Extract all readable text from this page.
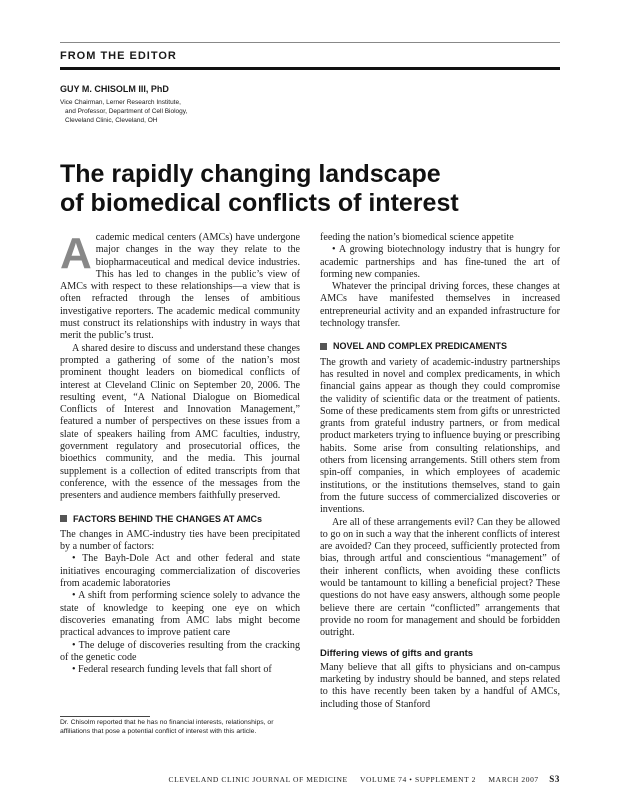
FROM THE EDITOR
GUY M. CHISOLM III, PhD
Vice Chairman, Lerner Research Institute,
and Professor, Department of Cell Biology,
Cleveland Clinic, Cleveland, OH
The rapidly changing landscape
of biomedical conflicts of interest

Academic medical centers (AMCs) have undergone major changes in the way they relate to the biopharmaceutical and medical device industries. This has led to changes in the public’s view of AMCs with respect to these relationships—a view that is often refracted through the lenses of ambitious investigative reporters. The academic medical community must construct its relationships with industry in ways that merit the public’s trust.

A shared desire to discuss and understand these changes prompted a gathering of some of the nation’s most prominent thought leaders on biomedical conflicts of interest at Cleveland Clinic on September 20, 2006. The resulting event, “A National Dialogue on Biomedical Conflicts of Interest and Innovation Management,” featured a number of perspectives on these issues from a slate of speakers hailing from AMC faculties, industry, government regulatory and prosecutorial offices, the bioethics community, and the media. This journal supplement is a collection of edited transcripts from that conference, with the essence of the messages from the presenters and audience members faithfully preserved.

FACTORS BEHIND THE CHANGES AT AMCs

The changes in AMC-industry ties have been precipitated by a number of factors:

• The Bayh-Dole Act and other federal and state initiatives encouraging commercialization of discoveries from academic laboratories

• A shift from performing science solely to advance the state of knowledge to keeping one eye on which discoveries emanating from AMC labs might become practical advances to improve patient care

• The deluge of discoveries resulting from the cracking of the genetic code

• Federal research funding levels that fall short of

feeding the nation’s biomedical science appetite

• A growing biotechnology industry that is hungry for academic partnerships and has fine-tuned the art of forming new companies.

Whatever the principal driving forces, these changes at AMCs have manifested themselves in increased entrepreneurial activity and an expanded infrastructure for technology transfer.

NOVEL AND COMPLEX PREDICAMENTS

The growth and variety of academic-industry partnerships has resulted in novel and complex predicaments, in which financial gains appear as though they could compromise the validity of scientific data or the treatment of patients. Some of these predicaments stem from gifts or unrestricted grants from grateful industry partners, or from medical product marketers trying to influence buying or prescribing habits. Some arise from consulting relationships, and others from licensing arrangements. Still others stem from spin-off companies, in which employees of academic institutions, or the institutions themselves, stand to gain from the future success of commercialized discoveries or inventions.

Are all of these arrangements evil? Can they be allowed to go on in such a way that the inherent conflicts of interest are avoided? Can they proceed, sufficiently protected from bias, through artful and conscientious “management” of their inherent conflicts, when avoiding these conflicts would be tantamount to killing a beneficial project? These questions do not have easy answers, although some people believe there are certain “conflicted” arrangements that provide no room for management and should be forbidden outright.

Differing views of gifts and grants

Many believe that all gifts to physicians and on-campus marketing by industry should be banned, and steps related to this have recently been taken by a handful of AMCs, including those of Stanford

Dr. Chisolm reported that he has no financial interests, relationships, or affiliations that pose a potential conflict of interest with this article.
CLEVELAND CLINIC JOURNAL OF MEDICINE VOLUME 74 • SUPPLEMENT 2 MARCH 2007 S3
